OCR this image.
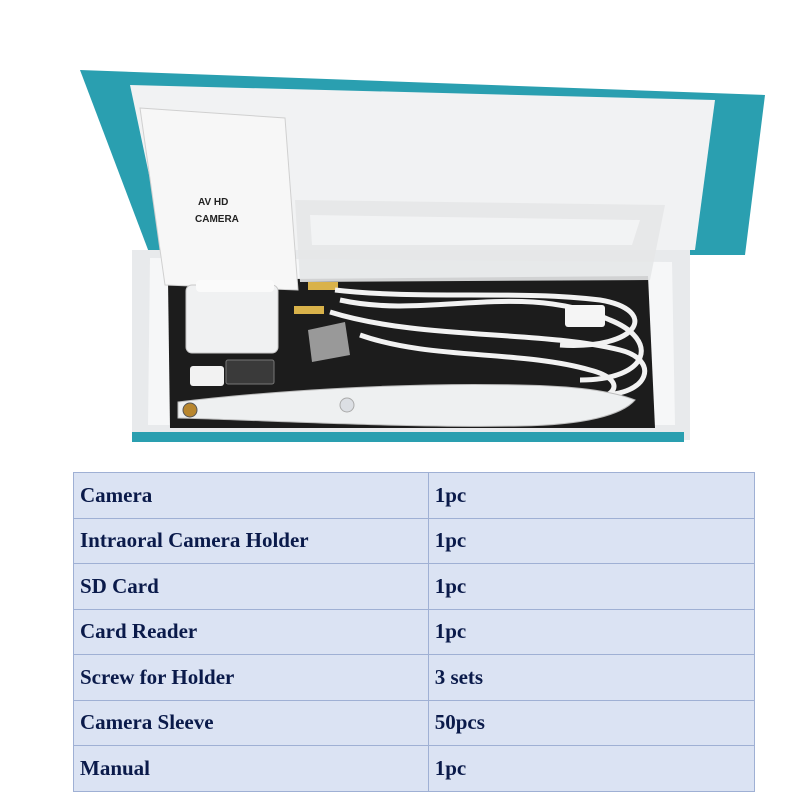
AV HD
CAMERA
Camera	1pc
Intraoral Camera Holder	1pc
SD Card	1pc
Card Reader	1pc
Screw for Holder	3 sets
Camera Sleeve	50pcs
Manual	1pc
